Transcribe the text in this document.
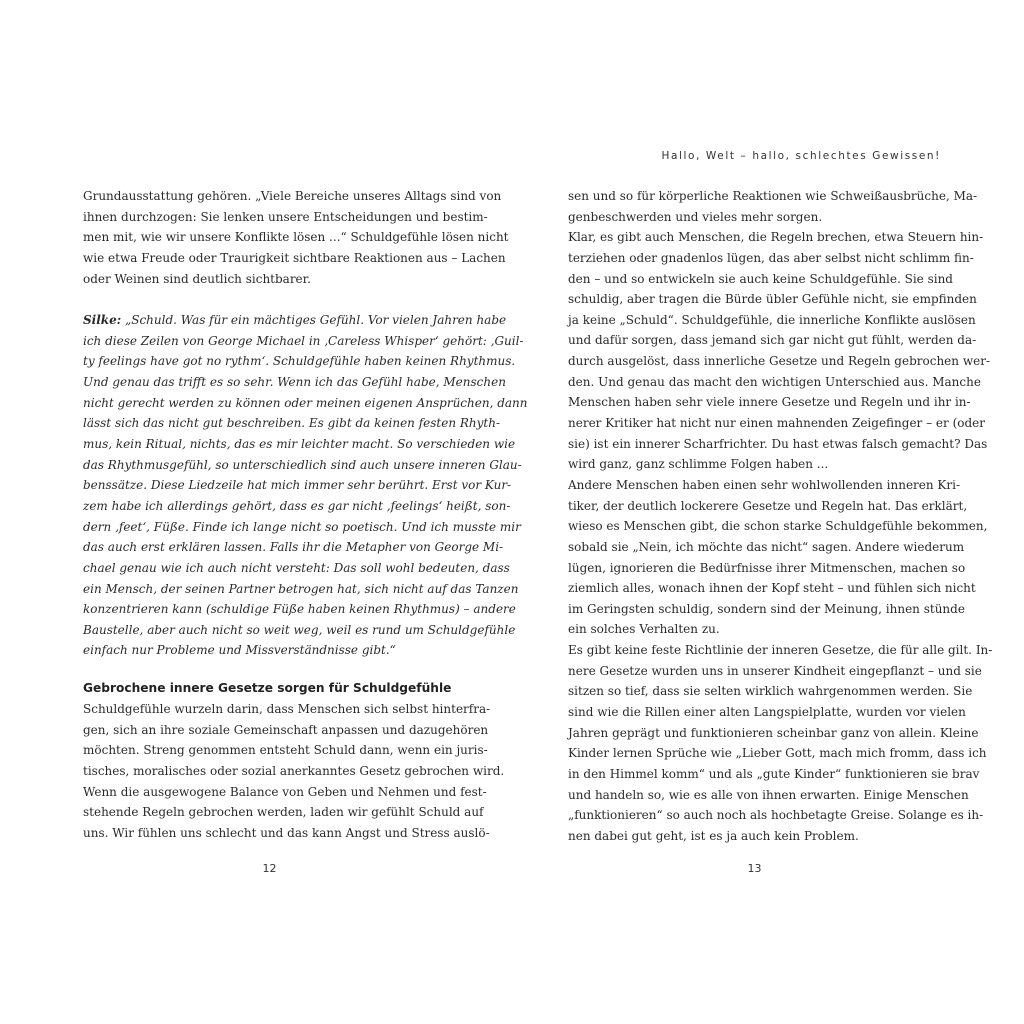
Grundausstattung gehören. „Viele Bereiche unseres Alltags sind von
ihnen durchzogen: Sie lenken unsere Entscheidungen und bestim-
men mit, wie wir unsere Konflikte lösen ...“ Schuldgefühle lösen nicht
wie etwa Freude oder Traurigkeit sichtbare Reaktionen aus – Lachen
oder Weinen sind deutlich sichtbarer.
Silke: „Schuld. Was für ein mächtiges Gefühl. Vor vielen Jahren habe
ich diese Zeilen von George Michael in ‚Careless Whisper‘ gehört: ‚Guil-
ty feelings have got no rythm‘. Schuldgefühle haben keinen Rhythmus.
Und genau das trifft es so sehr. Wenn ich das Gefühl habe, Menschen
nicht gerecht werden zu können oder meinen eigenen Ansprüchen, dann
lässt sich das nicht gut beschreiben. Es gibt da keinen festen Rhyth-
mus, kein Ritual, nichts, das es mir leichter macht. So verschieden wie
das Rhythmusgefühl, so unterschiedlich sind auch unsere inneren Glau-
benssätze. Diese Liedzeile hat mich immer sehr berührt. Erst vor Kur-
zem habe ich allerdings gehört, dass es gar nicht ‚feelings‘ heißt, son-
dern ‚feet‘, Füße. Finde ich lange nicht so poetisch. Und ich musste mir
das auch erst erklären lassen. Falls ihr die Metapher von George Mi-
chael genau wie ich auch nicht versteht: Das soll wohl bedeuten, dass
ein Mensch, der seinen Partner betrogen hat, sich nicht auf das Tanzen
konzentrieren kann (schuldige Füße haben keinen Rhythmus) – andere
Baustelle, aber auch nicht so weit weg, weil es rund um Schuldgefühle
einfach nur Probleme und Missverständnisse gibt.“
Gebrochene innere Gesetze sorgen für Schuldgefühle
Schuldgefühle wurzeln darin, dass Menschen sich selbst hinterfra-
gen, sich an ihre soziale Gemeinschaft anpassen und dazugehören
möchten. Streng genommen entsteht Schuld dann, wenn ein juris-
tisches, moralisches oder sozial anerkanntes Gesetz gebrochen wird.
Wenn die ausgewogene Balance von Geben und Nehmen und fest-
stehende Regeln gebrochen werden, laden wir gefühlt Schuld auf
uns. Wir fühlen uns schlecht und das kann Angst und Stress auslö-
12
Hallo, Welt – hallo, schlechtes Gewissen!
sen und so für körperliche Reaktionen wie Schweißausbrüche, Ma-
genbeschwerden und vieles mehr sorgen.
Klar, es gibt auch Menschen, die Regeln brechen, etwa Steuern hin-
terziehen oder gnadenlos lügen, das aber selbst nicht schlimm fin-
den – und so entwickeln sie auch keine Schuldgefühle. Sie sind
schuldig, aber tragen die Bürde übler Gefühle nicht, sie empfinden
ja keine „Schuld“. Schuldgefühle, die innerliche Konflikte auslösen
und dafür sorgen, dass jemand sich gar nicht gut fühlt, werden da-
durch ausgelöst, dass innerliche Gesetze und Regeln gebrochen wer-
den. Und genau das macht den wichtigen Unterschied aus. Manche
Menschen haben sehr viele innere Gesetze und Regeln und ihr in-
nerer Kritiker hat nicht nur einen mahnenden Zeigefinger – er (oder
sie) ist ein innerer Scharfrichter. Du hast etwas falsch gemacht? Das
wird ganz, ganz schlimme Folgen haben ...
Andere Menschen haben einen sehr wohlwollenden inneren Kri-
tiker, der deutlich lockerere Gesetze und Regeln hat. Das erklärt,
wieso es Menschen gibt, die schon starke Schuldgefühle bekommen,
sobald sie „Nein, ich möchte das nicht“ sagen. Andere wiederum
lügen, ignorieren die Bedürfnisse ihrer Mitmenschen, machen so
ziemlich alles, wonach ihnen der Kopf steht – und fühlen sich nicht
im Geringsten schuldig, sondern sind der Meinung, ihnen stünde
ein solches Verhalten zu.
Es gibt keine feste Richtlinie der inneren Gesetze, die für alle gilt. In-
nere Gesetze wurden uns in unserer Kindheit eingepflanzt – und sie
sitzen so tief, dass sie selten wirklich wahrgenommen werden. Sie
sind wie die Rillen einer alten Langspielplatte, wurden vor vielen
Jahren geprägt und funktionieren scheinbar ganz von allein. Kleine
Kinder lernen Sprüche wie „Lieber Gott, mach mich fromm, dass ich
in den Himmel komm“ und als „gute Kinder“ funktionieren sie brav
und handeln so, wie es alle von ihnen erwarten. Einige Menschen
„funktionieren“ so auch noch als hochbetagte Greise. Solange es ih-
nen dabei gut geht, ist es ja auch kein Problem.
13
